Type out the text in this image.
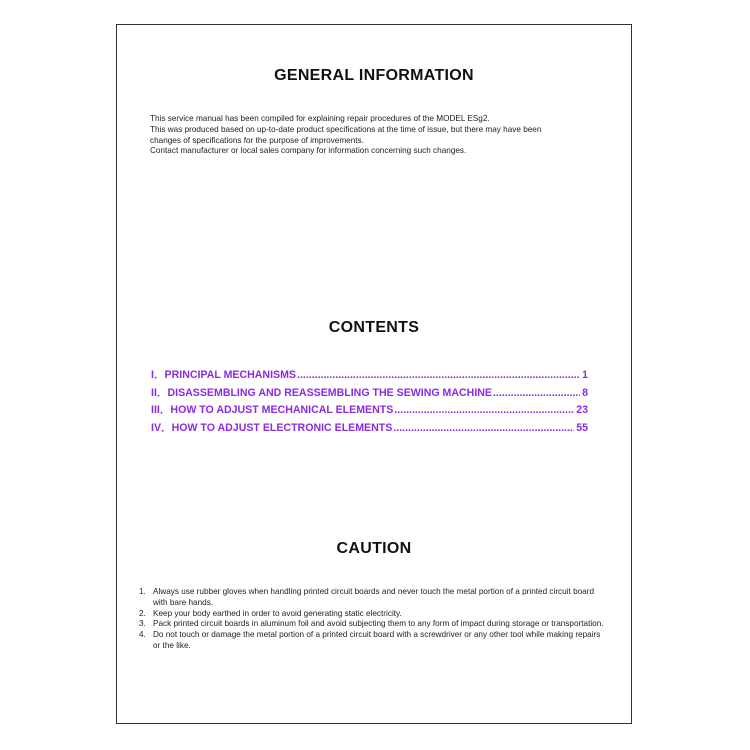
GENERAL INFORMATION
This service manual has been compiled for explaining repair procedures of the MODEL ESg2.
This was produced based on up-to-date product specifications at the time of issue, but there may have been
changes of specifications for the purpose of improvements.
Contact manufacturer or local sales company for information concerning such changes.
CONTENTS
I．PRINCIPAL MECHANISMS .....	1
II．DISASSEMBLING AND REASSEMBLING THE SEWING MACHINE .....	8
III．HOW TO ADJUST MECHANICAL ELEMENTS .....	23
IV．HOW TO ADJUST ELECTRONIC ELEMENTS .....	55
CAUTION
1. Always use rubber gloves when handling printed circuit boards and never touch the metal portion of a printed circuit board with bare hands.
2. Keep your body earthed in order to avoid generating static electricity.
3. Pack printed circuit boards in aluminum foil and avoid subjecting them to any form of impact during storage or transportation.
4. Do not touch or damage the metal portion of a printed circuit board with a screwdriver or any other tool while making repairs or the like.
